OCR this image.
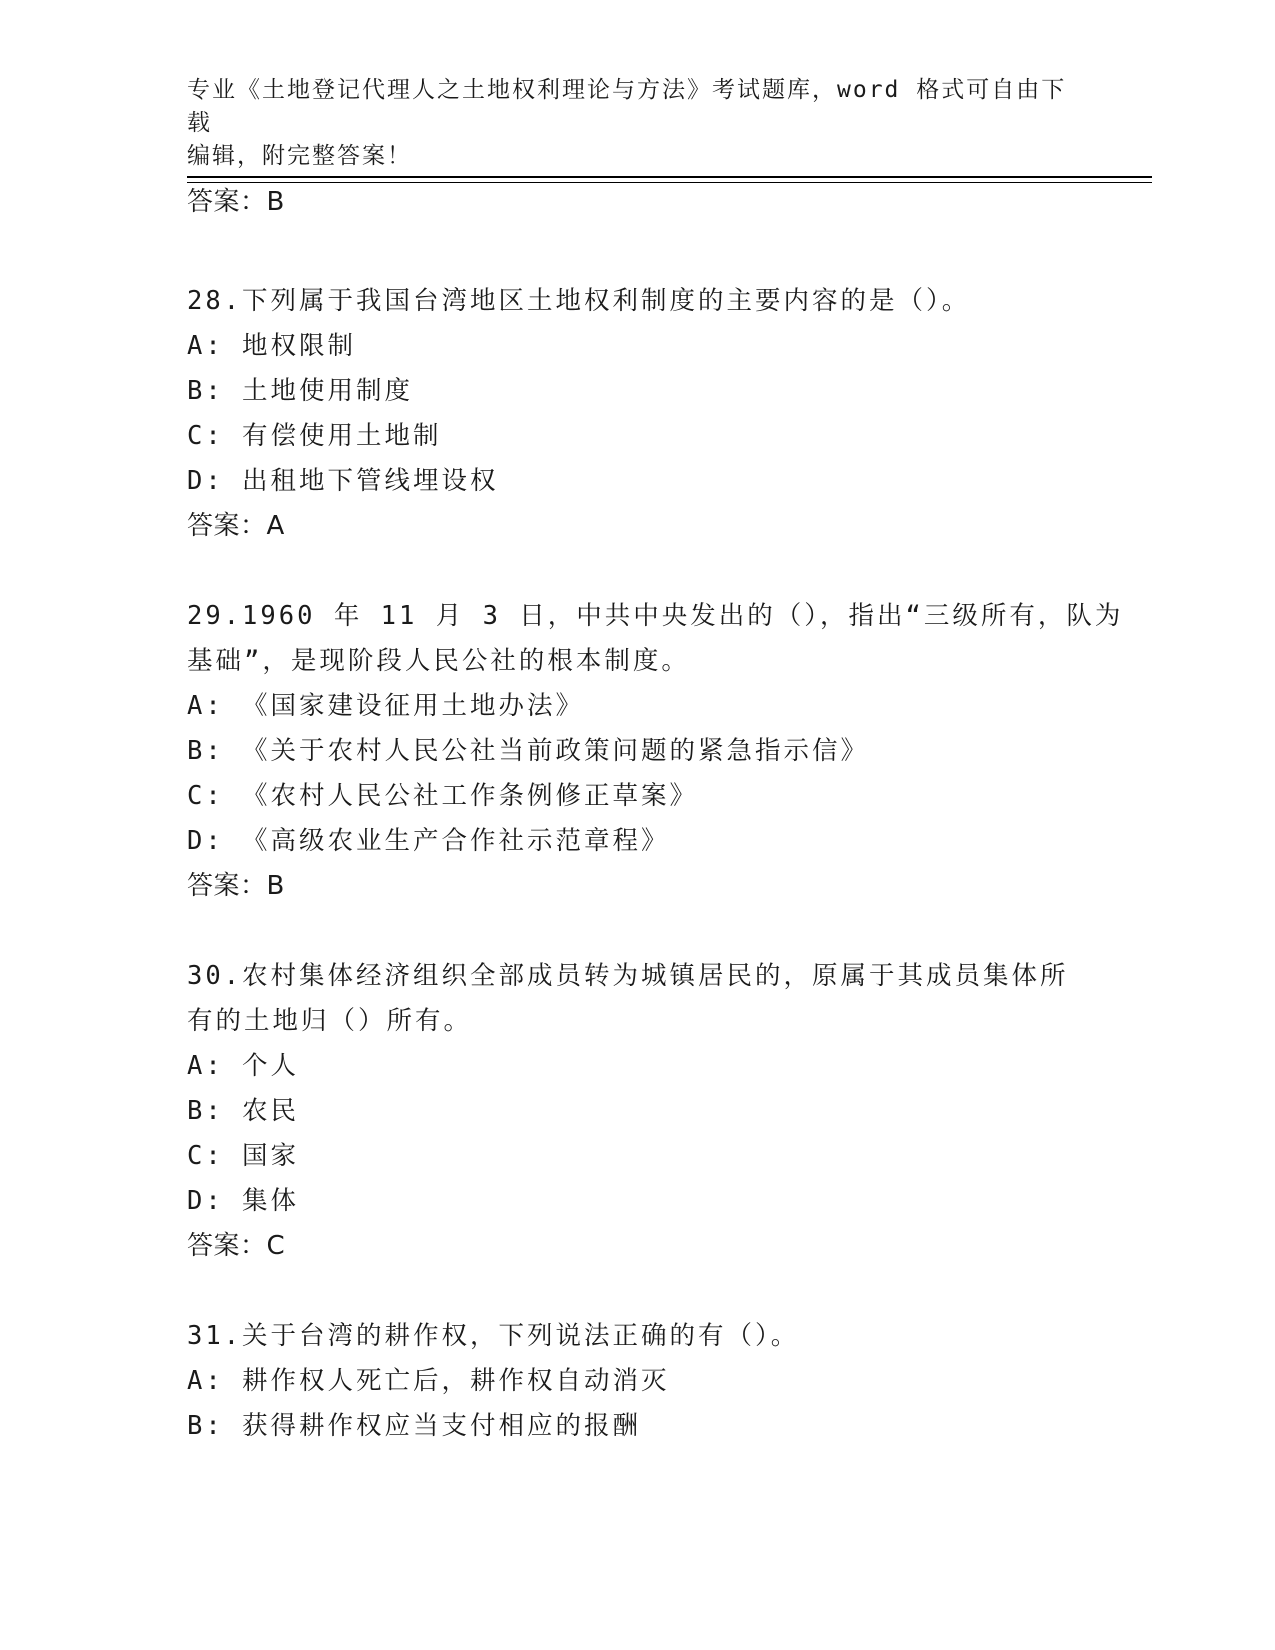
专业《土地登记代理人之土地权利理论与方法》考试题库，word 格式可自由下载
编辑，附完整答案！
答案：B
28.下列属于我国台湾地区土地权利制度的主要内容的是（）。
A: 地权限制
B: 土地使用制度
C: 有偿使用土地制
D: 出租地下管线埋设权
答案：A
29.1960 年 11 月 3 日，中共中央发出的（），指出“三级所有，队为
基础”，是现阶段人民公社的根本制度。
A: 《国家建设征用土地办法》
B: 《关于农村人民公社当前政策问题的紧急指示信》
C: 《农村人民公社工作条例修正草案》
D: 《高级农业生产合作社示范章程》
答案：B
30.农村集体经济组织全部成员转为城镇居民的，原属于其成员集体所
有的土地归（）所有。
A: 个人
B: 农民
C: 国家
D: 集体
答案：C
31.关于台湾的耕作权，下列说法正确的有（）。
A: 耕作权人死亡后，耕作权自动消灭
B: 获得耕作权应当支付相应的报酬
